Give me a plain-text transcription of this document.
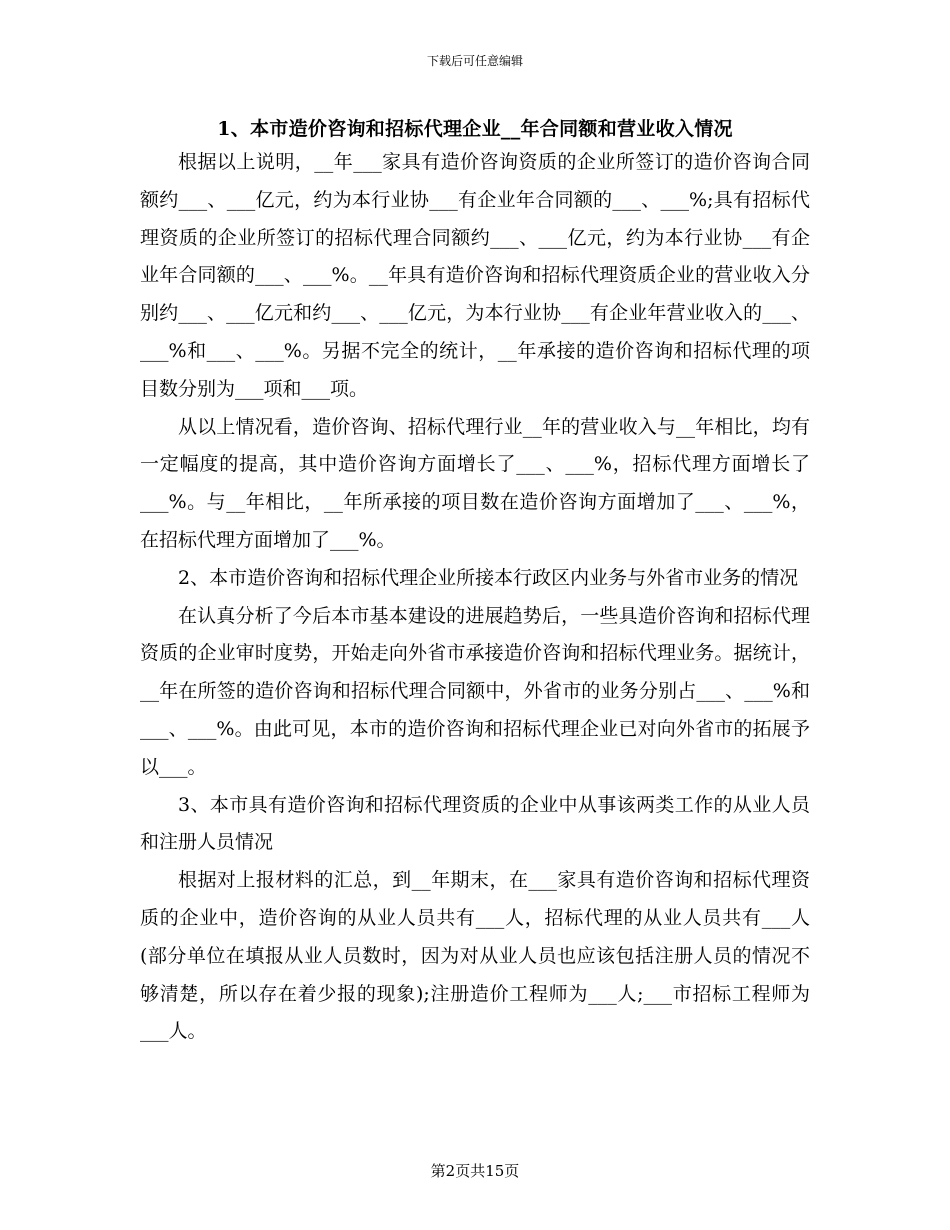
下载后可任意编辑
1、本市造价咨询和招标代理企业__年合同额和营业收入情况

根据以上说明，__年___家具有造价咨询资质的企业所签订的造价咨询合同额约___、___亿元，约为本行业协___有企业年合同额的___、___%;具有招标代理资质的企业所签订的招标代理合同额约___、___亿元，约为本行业协___有企业年合同额的___、___%。__年具有造价咨询和招标代理资质企业的营业收入分别约___、___亿元和约___、___亿元，为本行业协___有企业年营业收入的___、___%和___、___%。另据不完全的统计，__年承接的造价咨询和招标代理的项目数分别为___项和___项。

从以上情况看，造价咨询、招标代理行业__年的营业收入与__年相比，均有一定幅度的提高，其中造价咨询方面增长了___、___%，招标代理方面增长了___%。与__年相比，__年所承接的项目数在造价咨询方面增加了___、___%，在招标代理方面增加了___%。

2、本市造价咨询和招标代理企业所接本行政区内业务与外省市业务的情况

在认真分析了今后本市基本建设的进展趋势后，一些具造价咨询和招标代理资质的企业审时度势，开始走向外省市承接造价咨询和招标代理业务。据统计，__年在所签的造价咨询和招标代理合同额中，外省市的业务分别占___、___%和___、___%。由此可见，本市的造价咨询和招标代理企业已对向外省市的拓展予以___。

3、本市具有造价咨询和招标代理资质的企业中从事该两类工作的从业人员和注册人员情况

根据对上报材料的汇总，到__年期末，在___家具有造价咨询和招标代理资质的企业中，造价咨询的从业人员共有___人，招标代理的从业人员共有___人(部分单位在填报从业人员数时，因为对从业人员也应该包括注册人员的情况不够清楚，所以存在着少报的现象);注册造价工程师为___人;___市招标工程师为___人。

第2页共15页
